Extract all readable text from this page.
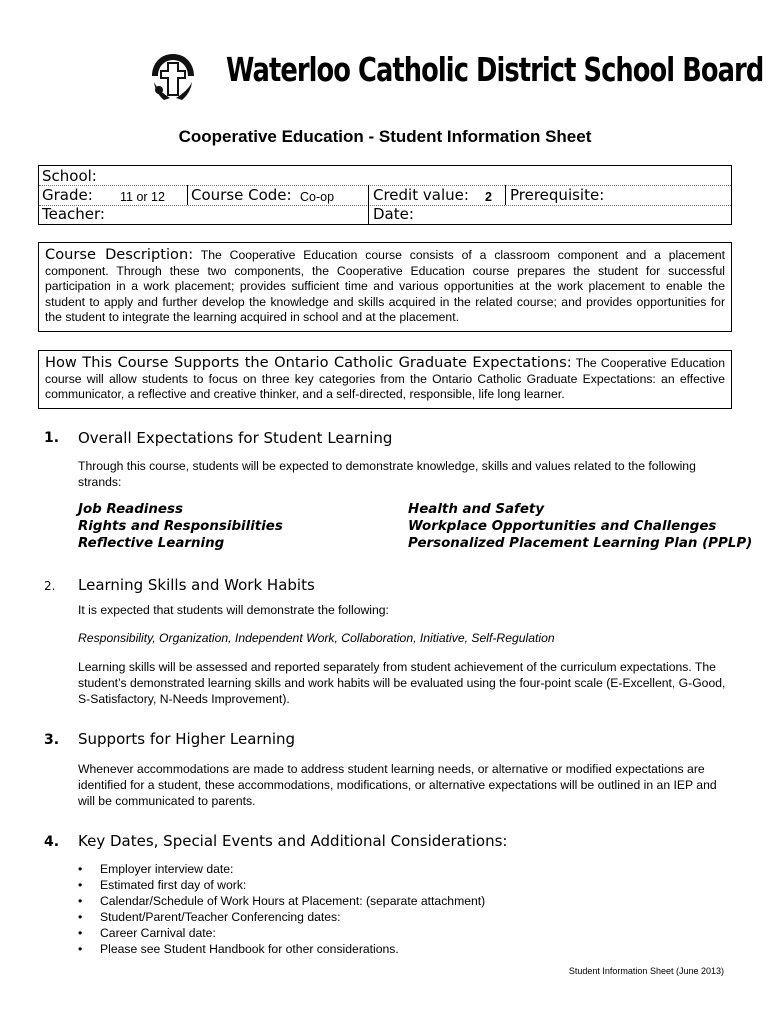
Waterloo Catholic District School Board
Cooperative Education - Student Information Sheet
School:
Grade: 11 or 12 Course Code: Co-op	Credit value: 2 Prerequisite:
Teacher:	Date:
Course Description: The Cooperative Education course consists of a classroom component and a placement component. Through these two components, the Cooperative Education course prepares the student for successful participation in a work placement; provides sufficient time and various opportunities at the work placement to enable the student to apply and further develop the knowledge and skills acquired in the related course; and provides opportunities for the student to integrate the learning acquired in school and at the placement.
How This Course Supports the Ontario Catholic Graduate Expectations: The Cooperative Education course will allow students to focus on three key categories from the Ontario Catholic Graduate Expectations: an effective communicator, a reflective and creative thinker, and a self-directed, responsible, life long learner.
1. Overall Expectations for Student Learning
Through this course, students will be expected to demonstrate knowledge, skills and values related to the following strands:
Job Readiness
Rights and Responsibilities
Reflective Learning
Health and Safety
Workplace Opportunities and Challenges
Personalized Placement Learning Plan (PPLP)
2. Learning Skills and Work Habits
It is expected that students will demonstrate the following:
Responsibility, Organization, Independent Work, Collaboration, Initiative, Self-Regulation
Learning skills will be assessed and reported separately from student achievement of the curriculum expectations. The student’s demonstrated learning skills and work habits will be evaluated using the four-point scale (E-Excellent, G-Good, S-Satisfactory, N-Needs Improvement).
3. Supports for Higher Learning
Whenever accommodations are made to address student learning needs, or alternative or modified expectations are identified for a student, these accommodations, modifications, or alternative expectations will be outlined in an IEP and will be communicated to parents.
4. Key Dates, Special Events and Additional Considerations:
• Employer interview date:
• Estimated first day of work:
• Calendar/Schedule of Work Hours at Placement: (separate attachment)
• Student/Parent/Teacher Conferencing dates:
• Career Carnival date:
• Please see Student Handbook for other considerations.
Student Information Sheet (June 2013)
